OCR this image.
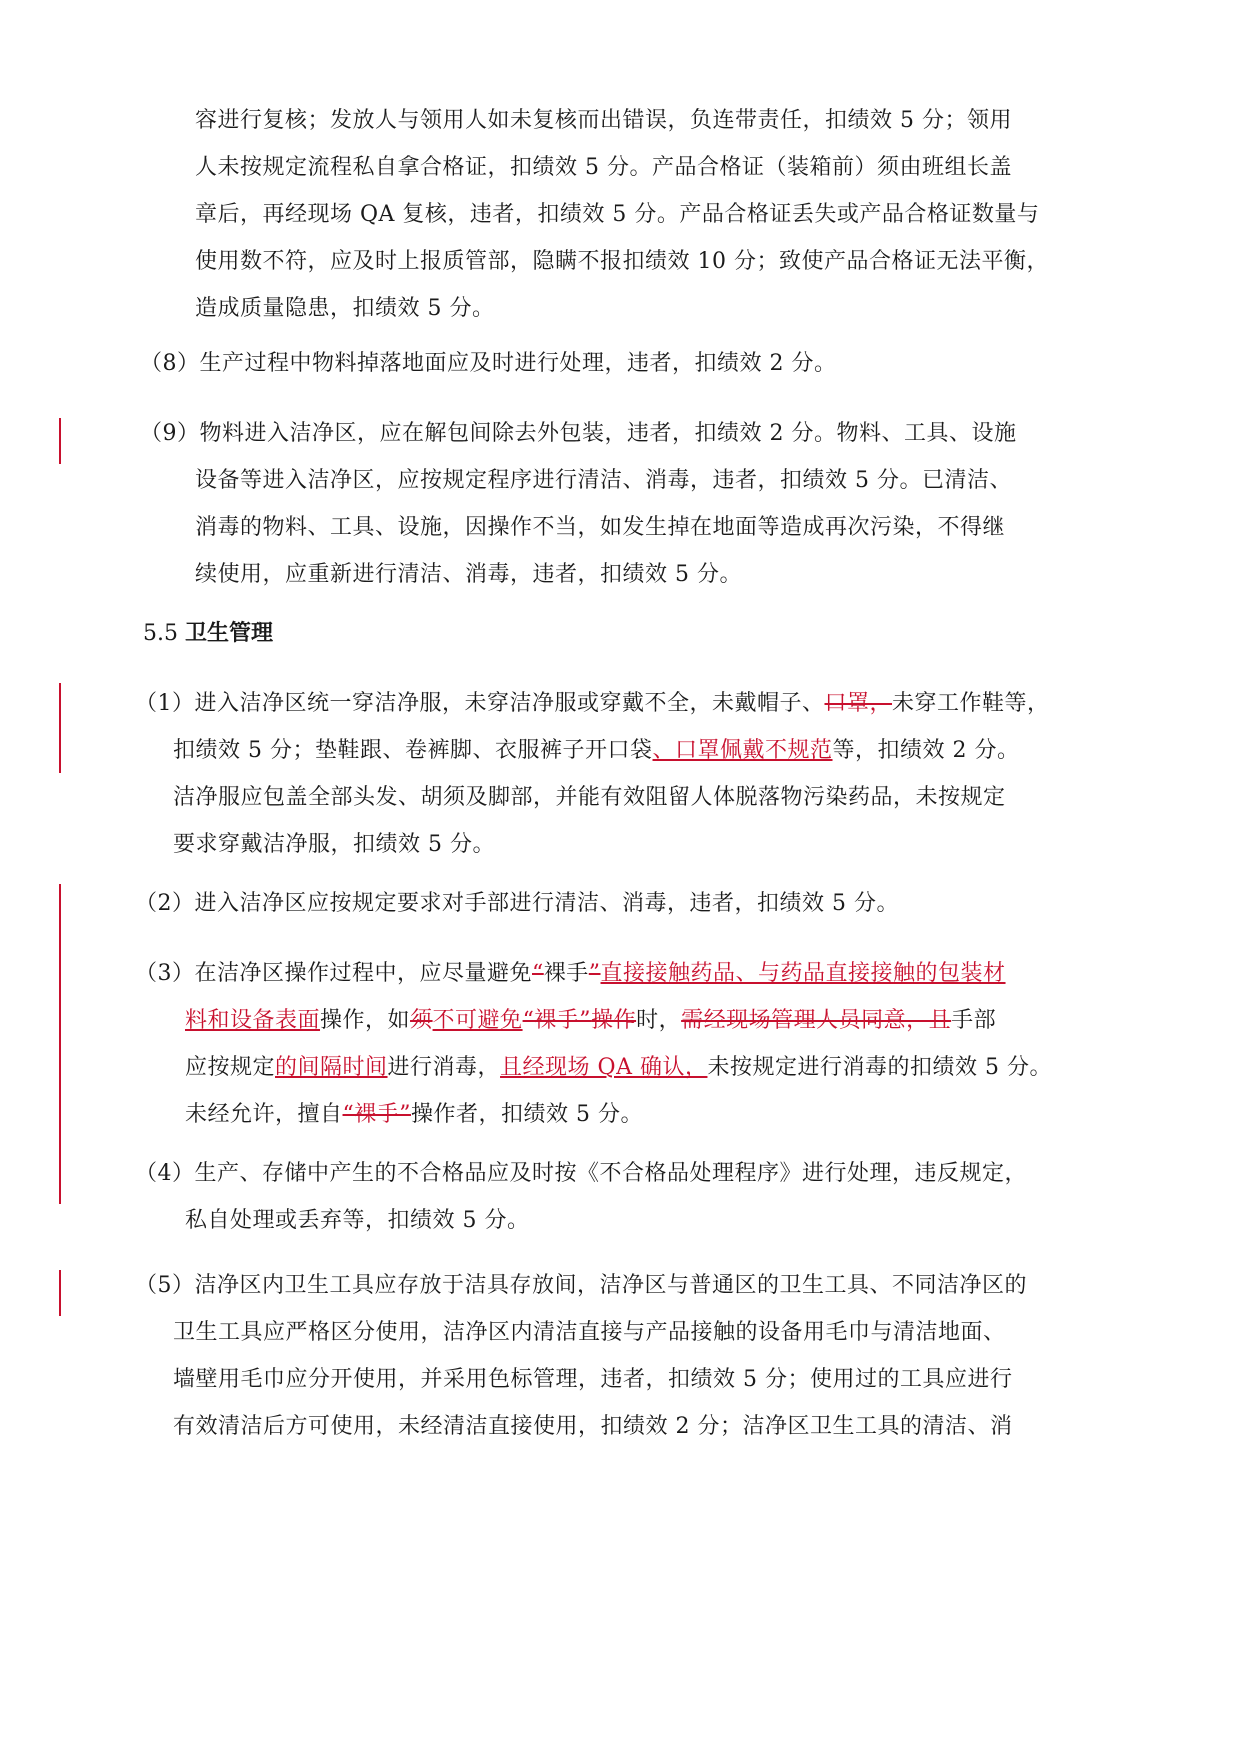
容进行复核；发放人与领用人如未复核而出错误，负连带责任，扣绩效 5 分；领用
人未按规定流程私自拿合格证，扣绩效 5 分。产品合格证（装箱前）须由班组长盖
章后，再经现场 QA 复核，违者，扣绩效 5 分。产品合格证丢失或产品合格证数量与
使用数不符，应及时上报质管部，隐瞒不报扣绩效 10 分；致使产品合格证无法平衡，
造成质量隐患，扣绩效 5 分。
（8）生产过程中物料掉落地面应及时进行处理，违者，扣绩效 2 分。
（9）物料进入洁净区，应在解包间除去外包装，违者，扣绩效 2 分。物料、工具、设施
设备等进入洁净区，应按规定程序进行清洁、消毒，违者，扣绩效 5 分。已清洁、
消毒的物料、工具、设施，因操作不当，如发生掉在地面等造成再次污染，不得继
续使用，应重新进行清洁、消毒，违者，扣绩效 5 分。
5.5 卫生管理
（1）进入洁净区统一穿洁净服，未穿洁净服或穿戴不全，未戴帽子、口罩，未穿工作鞋等，
扣绩效 5 分；垫鞋跟、卷裤脚、衣服裤子开口袋、口罩佩戴不规范等，扣绩效 2 分。
洁净服应包盖全部头发、胡须及脚部，并能有效阻留人体脱落物污染药品，未按规定
要求穿戴洁净服，扣绩效 5 分。
（2）进入洁净区应按规定要求对手部进行清洁、消毒，违者，扣绩效 5 分。
（3）在洁净区操作过程中，应尽量避免“裸手”直接接触药品、与药品直接接触的包装材
料和设备表面操作，如须不可避免“裸手”操作时，需经现场管理人员同意，且手部
应按规定的间隔时间进行消毒，且经现场 QA 确认，未按规定进行消毒的扣绩效 5 分。
未经允许，擅自“裸手”操作者，扣绩效 5 分。
（4）生产、存储中产生的不合格品应及时按《不合格品处理程序》进行处理，违反规定，
私自处理或丢弃等，扣绩效 5 分。
（5）洁净区内卫生工具应存放于洁具存放间，洁净区与普通区的卫生工具、不同洁净区的
卫生工具应严格区分使用，洁净区内清洁直接与产品接触的设备用毛巾与清洁地面、
墙壁用毛巾应分开使用，并采用色标管理，违者，扣绩效 5 分；使用过的工具应进行
有效清洁后方可使用，未经清洁直接使用，扣绩效 2 分；洁净区卫生工具的清洁、消
